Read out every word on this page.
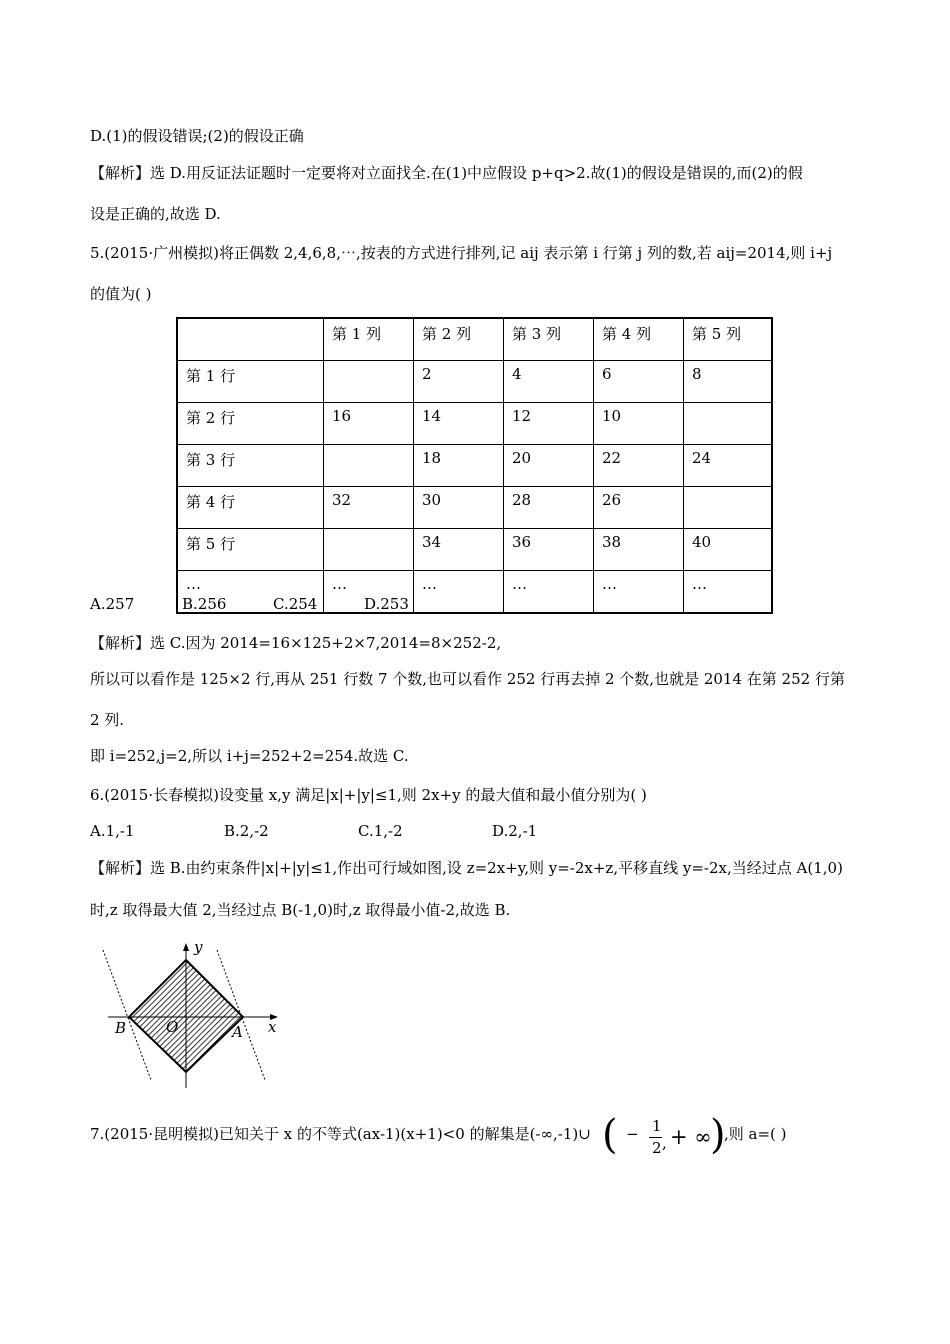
D.(1)的假设错误;(2)的假设正确
【解析】选 D.用反证法证题时一定要将对立面找全.在(1)中应假设 p+q>2.故(1)的假设是错误的,而(2)的假
设是正确的,故选 D.
5.(2015·广州模拟)将正偶数 2,4,6,8,⋯,按表的方式进行排列,记 aij 表示第 i 行第 j 列的数,若 aij=2014,则 i+j
的值为( )
	第 1 列	第 2 列	第 3 列	第 4 列	第 5 列
第 1 行		2	4	6	8
第 2 行	16	14	12	10	
第 3 行		18	20	22	24
第 4 行	32	30	28	26	
第 5 行		34	36	38	40
…	…	…	…	…	…
A.257	B.256	C.254	D.253
【解析】选 C.因为 2014=16×125+2×7,2014=8×252-2,
所以可以看作是 125×2 行,再从 251 行数 7 个数,也可以看作 252 行再去掉 2 个数,也就是 2014 在第 252 行第
2 列.
即 i=252,j=2,所以 i+j=252+2=254.故选 C.
6.(2015·长春模拟)设变量 x,y 满足|x|+|y|≤1,则 2x+y 的最大值和最小值分别为( )
A.1,-1	B.2,-2	C.1,-2	D.2,-1
【解析】选 B.由约束条件|x|+|y|≤1,作出可行域如图,设 z=2x+y,则 y=-2x+z,平移直线 y=-2x,当经过点 A(1,0)
时,z 取得最大值 2,当经过点 B(-1,0)时,z 取得最小值-2,故选 B.
y
x
B	O	A
7.(2015·昆明模拟)已知关于 x 的不等式(ax-1)(x+1)<0 的解集是(-∞,-1)∪ ( − 1
2 , + ∞
)
,则 a=( )
